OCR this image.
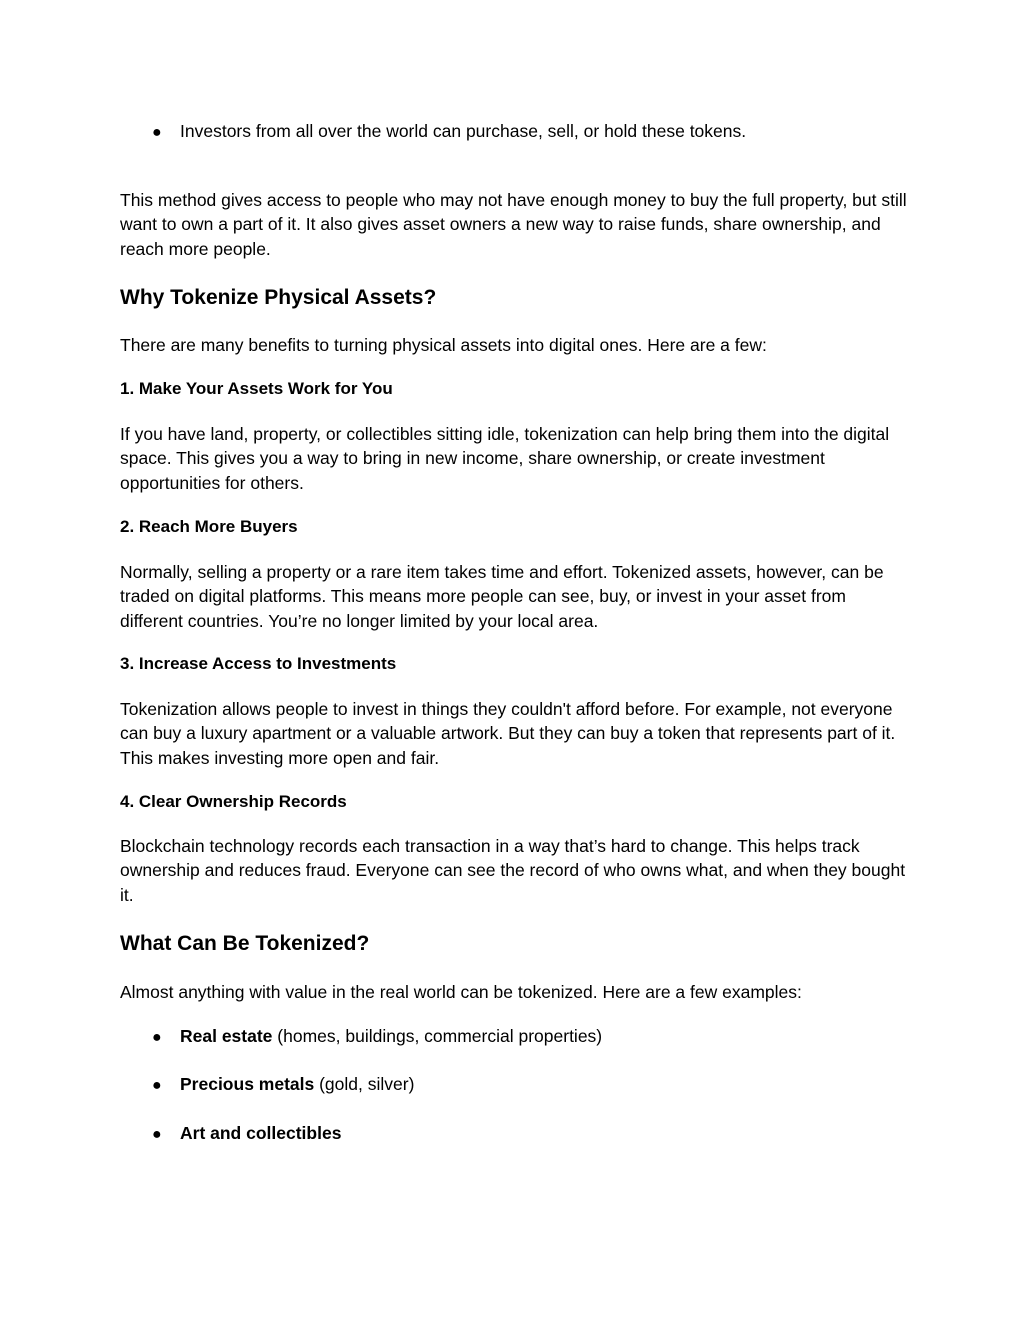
●	Investors from all over the world can purchase, sell, or hold these tokens.

This method gives access to people who may not have enough money to buy the full property, but still want to own a part of it. It also gives asset owners a new way to raise funds, share ownership, and reach more people.

Why Tokenize Physical Assets?

There are many benefits to turning physical assets into digital ones. Here are a few:

1. Make Your Assets Work for You

If you have land, property, or collectibles sitting idle, tokenization can help bring them into the digital space. This gives you a way to bring in new income, share ownership, or create investment opportunities for others.

2. Reach More Buyers

Normally, selling a property or a rare item takes time and effort. Tokenized assets, however, can be traded on digital platforms. This means more people can see, buy, or invest in your asset from different countries. You’re no longer limited by your local area.

3. Increase Access to Investments

Tokenization allows people to invest in things they couldn't afford before. For example, not everyone can buy a luxury apartment or a valuable artwork. But they can buy a token that represents part of it. This makes investing more open and fair.

4. Clear Ownership Records

Blockchain technology records each transaction in a way that’s hard to change. This helps track ownership and reduces fraud. Everyone can see the record of who owns what, and when they bought it.

What Can Be Tokenized?

Almost anything with value in the real world can be tokenized. Here are a few examples:

●	Real estate (homes, buildings, commercial properties)
●	Precious metals (gold, silver)
●	Art and collectibles
